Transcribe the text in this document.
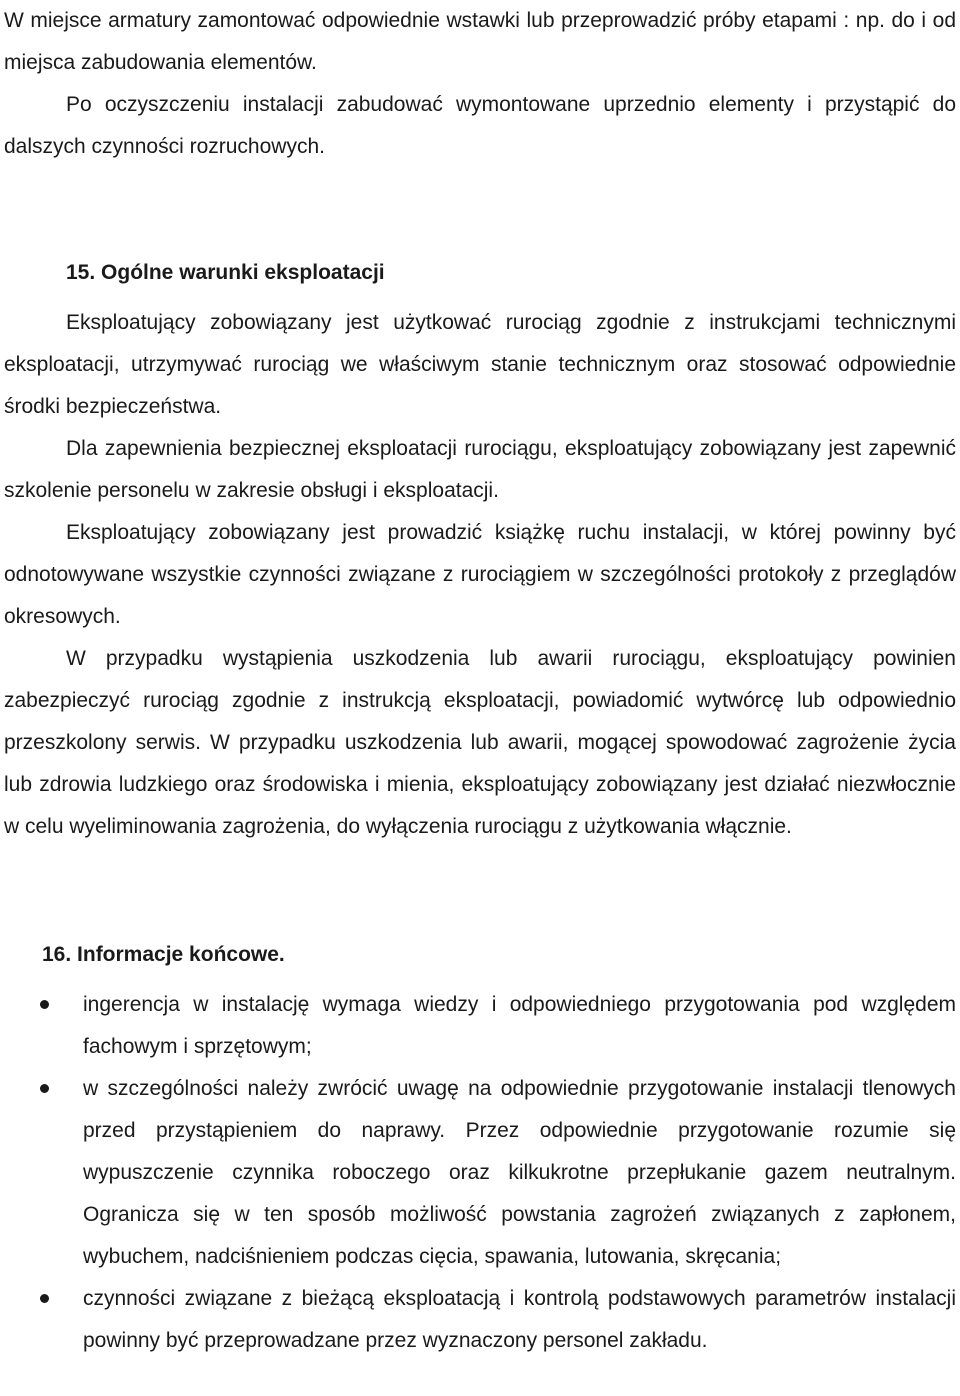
W miejsce armatury zamontować odpowiednie wstawki lub przeprowadzić próby etapami : np. do i od miejsca zabudowania elementów.

Po oczyszczeniu instalacji zabudować wymontowane uprzednio elementy i przystąpić do dalszych czynności rozruchowych.

15. Ogólne warunki eksploatacji

Eksploatujący zobowiązany jest użytkować rurociąg zgodnie z instrukcjami technicznymi eksploatacji, utrzymywać rurociąg we właściwym stanie technicznym oraz stosować odpowiednie środki bezpieczeństwa.

Dla zapewnienia bezpiecznej eksploatacji rurociągu, eksploatujący zobowiązany jest zapewnić szkolenie personelu w zakresie obsługi i eksploatacji.

Eksploatujący zobowiązany jest prowadzić książkę ruchu instalacji, w której powinny być odnotowywane wszystkie czynności związane z rurociągiem w szczególności protokoły z przeglądów okresowych.

W przypadku wystąpienia uszkodzenia lub awarii rurociągu, eksploatujący powinien zabezpieczyć rurociąg zgodnie z instrukcją eksploatacji, powiadomić wytwórcę lub odpowiednio przeszkolony serwis. W przypadku uszkodzenia lub awarii, mogącej spowodować zagrożenie życia lub zdrowia ludzkiego oraz środowiska i mienia, eksploatujący zobowiązany jest działać niezwłocznie w celu wyeliminowania zagrożenia, do wyłączenia rurociągu z użytkowania włącznie.

16. Informacje końcowe.
ingerencja w instalację wymaga wiedzy i odpowiedniego przygotowania pod względem fachowym i sprzętowym;
w szczególności należy zwrócić uwagę na odpowiednie przygotowanie instalacji tlenowych przed przystąpieniem do naprawy. Przez odpowiednie przygotowanie rozumie się wypuszczenie czynnika roboczego oraz kilkukrotne przepłukanie gazem neutralnym. Ogranicza się w ten sposób możliwość powstania zagrożeń związanych z zapłonem, wybuchem, nadciśnieniem podczas cięcia, spawania, lutowania, skręcania;
czynności związane z bieżącą eksploatacją i kontrolą podstawowych parametrów instalacji powinny być przeprowadzane przez wyznaczony personel zakładu.
